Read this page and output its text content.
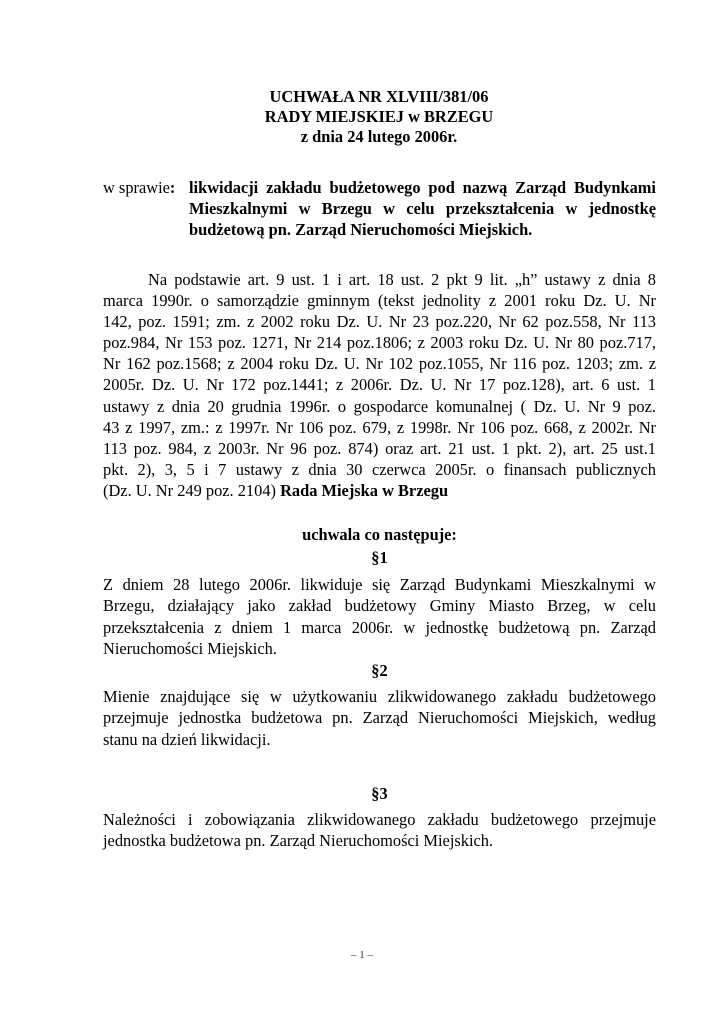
UCHWAŁA NR XLVIII/381/06
RADY MIEJSKIEJ w BRZEGU
z dnia 24 lutego 2006r.
w sprawie: likwidacji zakładu budżetowego pod nazwą Zarząd Budynkami
Mieszkalnymi w Brzegu w celu przekształcenia w jednostkę
budżetową pn. Zarząd Nieruchomości Miejskich.
Na podstawie art. 9 ust. 1 i art. 18 ust. 2 pkt 9 lit. „h” ustawy z dnia 8
marca 1990r. o samorządzie gminnym (tekst jednolity z 2001 roku Dz. U. Nr
142, poz. 1591; zm. z 2002 roku Dz. U. Nr 23 poz.220, Nr 62 poz.558, Nr 113
poz.984, Nr 153 poz. 1271, Nr 214 poz.1806; z 2003 roku Dz. U. Nr 80 poz.717,
Nr 162 poz.1568; z 2004 roku Dz. U. Nr 102 poz.1055, Nr 116 poz. 1203; zm. z
2005r. Dz. U. Nr 172 poz.1441; z 2006r. Dz. U. Nr 17 poz.128), art. 6 ust. 1
ustawy z dnia 20 grudnia 1996r. o gospodarce komunalnej ( Dz. U. Nr 9 poz.
43 z 1997, zm.: z 1997r. Nr 106 poz. 679, z 1998r. Nr 106 poz. 668, z 2002r. Nr
113 poz. 984, z 2003r. Nr 96 poz. 874) oraz art. 21 ust. 1 pkt. 2), art. 25 ust.1
pkt. 2), 3, 5 i 7 ustawy z dnia 30 czerwca 2005r. o finansach publicznych
(Dz. U. Nr 249 poz. 2104) Rada Miejska w Brzegu
uchwala co następuje:
§1
Z dniem 28 lutego 2006r. likwiduje się Zarząd Budynkami Mieszkalnymi w
Brzegu, działający jako zakład budżetowy Gminy Miasto Brzeg, w celu
przekształcenia z dniem 1 marca 2006r. w jednostkę budżetową pn. Zarząd
Nieruchomości Miejskich.
§2
Mienie znajdujące się w użytkowaniu zlikwidowanego zakładu budżetowego
przejmuje jednostka budżetowa pn. Zarząd Nieruchomości Miejskich, według
stanu na dzień likwidacji.
§3
Należności i zobowiązania zlikwidowanego zakładu budżetowego przejmuje
jednostka budżetowa pn. Zarząd Nieruchomości Miejskich.
– 1 –
